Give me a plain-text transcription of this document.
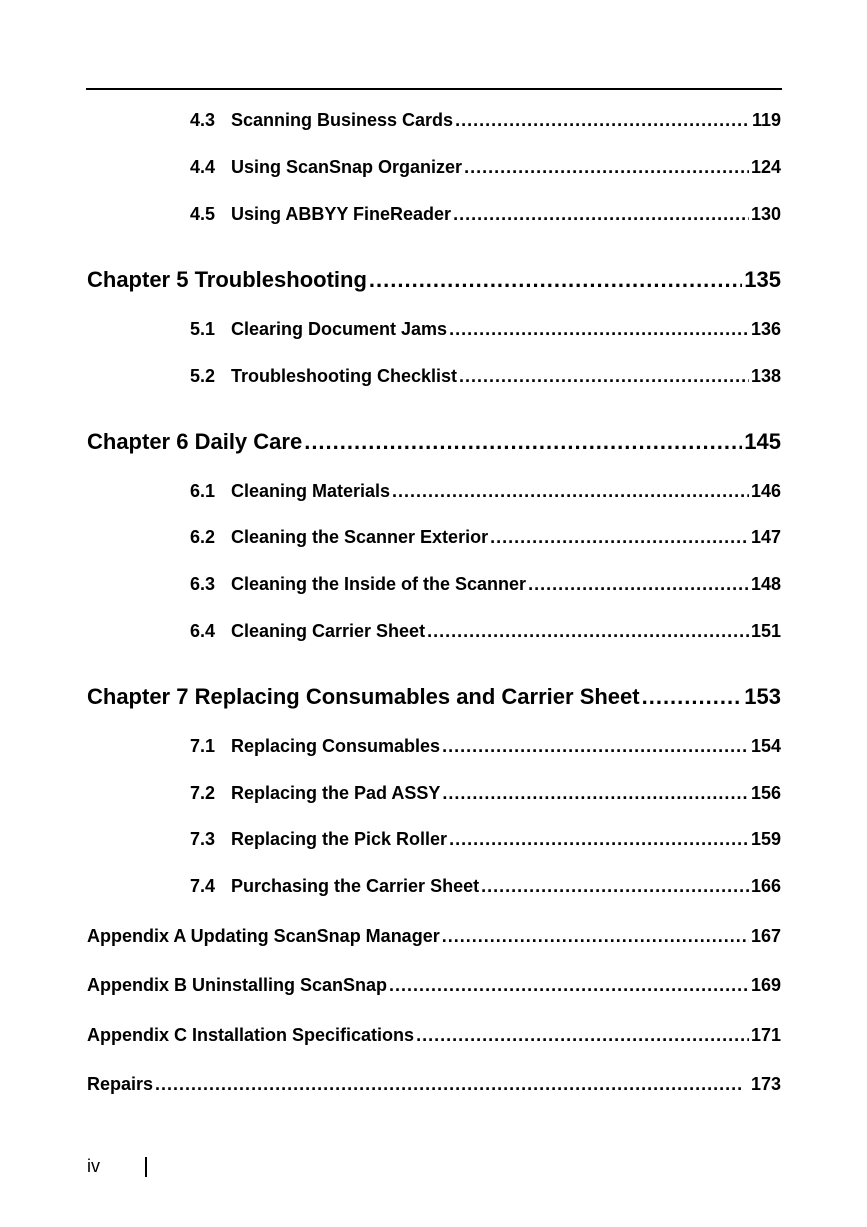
4.3 Scanning Business Cards .....	119
4.4 Using ScanSnap Organizer .....	124
4.5 Using ABBYY FineReader .....	130
Chapter 5 Troubleshooting .....	135
5.1 Clearing Document Jams .....	136
5.2 Troubleshooting Checklist .....	138
Chapter 6 Daily Care .....	145
6.1 Cleaning Materials .....	146
6.2 Cleaning the Scanner Exterior .....	147
6.3 Cleaning the Inside of the Scanner .....	148
6.4 Cleaning Carrier Sheet .....	151
Chapter 7 Replacing Consumables and Carrier Sheet .....	153
7.1 Replacing Consumables .....	154
7.2 Replacing the Pad ASSY .....	156
7.3 Replacing the Pick Roller .....	159
7.4 Purchasing the Carrier Sheet .....	166
Appendix A Updating ScanSnap Manager .....	167
Appendix B Uninstalling ScanSnap .....	169
Appendix C Installation Specifications .....	171
Repairs .....	173
iv
